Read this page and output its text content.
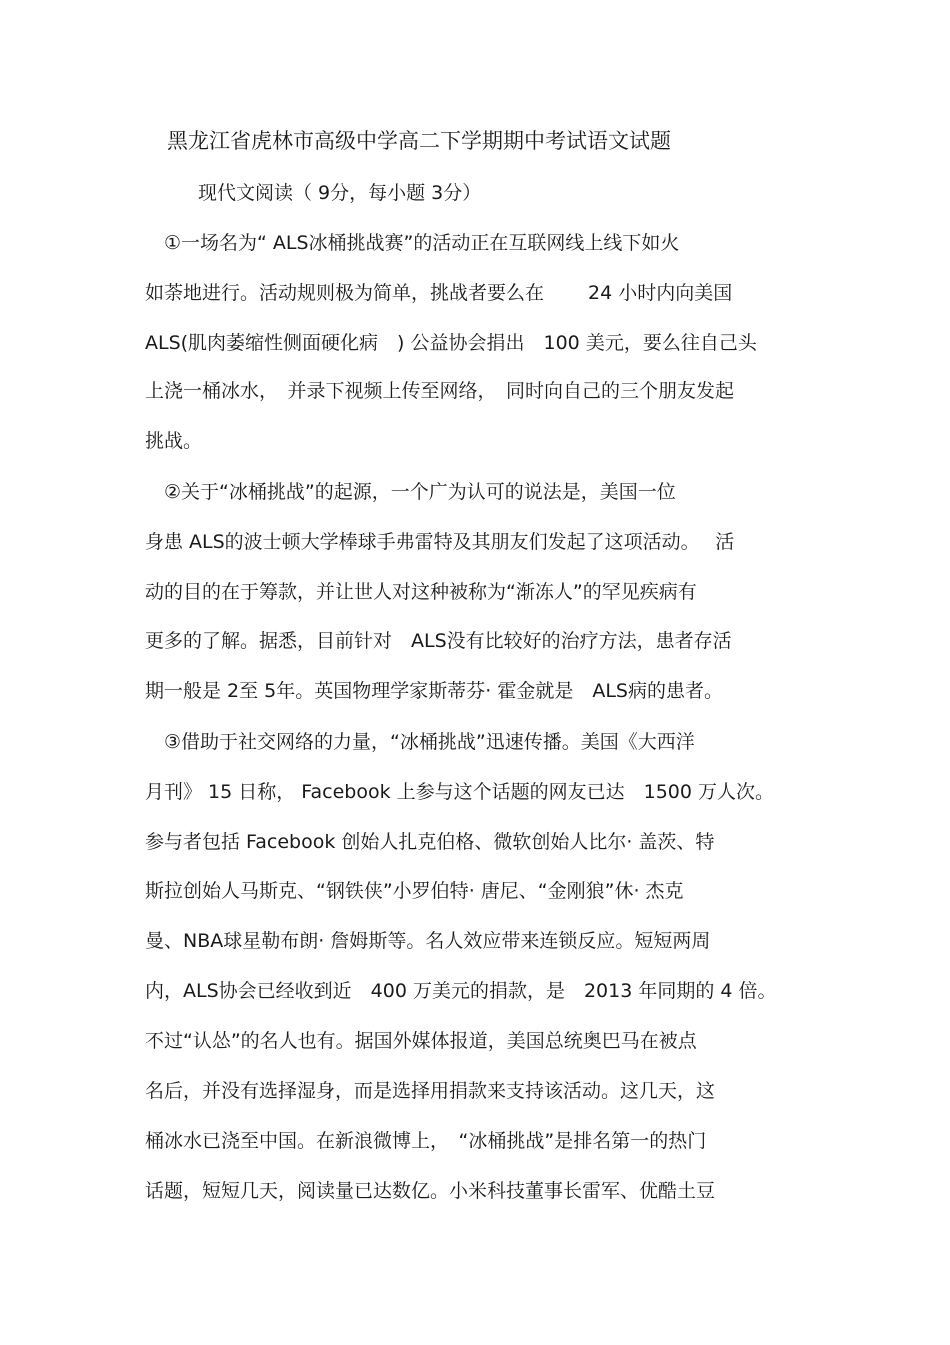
黑龙江省虎林市高级中学高二下学期期中考试语文试题
现代文阅读（ 9分，每小题 3分）
　①一场名为“ ALS冰桶挑战赛”的活动正在互联网线上线下如火
如荼地进行。活动规则极为简单，挑战者要么在　　 24 小时内向美国
ALS(肌肉萎缩性侧面硬化病　) 公益协会捐出　100 美元，要么往自己头
上浇一桶冰水，　并录下视频上传至网络，　同时向自己的三个朋友发起
挑战。
　②关于“冰桶挑战”的起源，一个广为认可的说法是，美国一位
身患 ALS的波士顿大学棒球手弗雷特及其朋友们发起了这项活动。　 活
动的目的在于筹款，并让世人对这种被称为“渐冻人”的罕见疾病有
更多的了解。据悉，目前针对　ALS没有比较好的治疗方法，患者存活
期一般是 2至 5年。英国物理学家斯蒂芬· 霍金就是　ALS病的患者。
　③借助于社交网络的力量，“冰桶挑战”迅速传播。美国《大西洋
月刊》 15 日称， Facebook 上参与这个话题的网友已达　1500 万人次。
参与者包括 Facebook 创始人扎克伯格、微软创始人比尔· 盖茨、特
斯拉创始人马斯克、“钢铁侠”小罗伯特· 唐尼、“金刚狼”休· 杰克
曼、NBA球星勒布朗· 詹姆斯等。名人效应带来连锁反应。短短两周
内，ALS协会已经收到近　400 万美元的捐款，是　2013 年同期的 4 倍。
不过“认怂”的名人也有。据国外媒体报道，美国总统奥巴马在被点
名后，并没有选择湿身，而是选择用捐款来支持该活动。这几天，这
桶冰水已浇至中国。在新浪微博上，　“冰桶挑战”是排名第一的热门
话题，短短几天，阅读量已达数亿。小米科技董事长雷军、优酷土豆
